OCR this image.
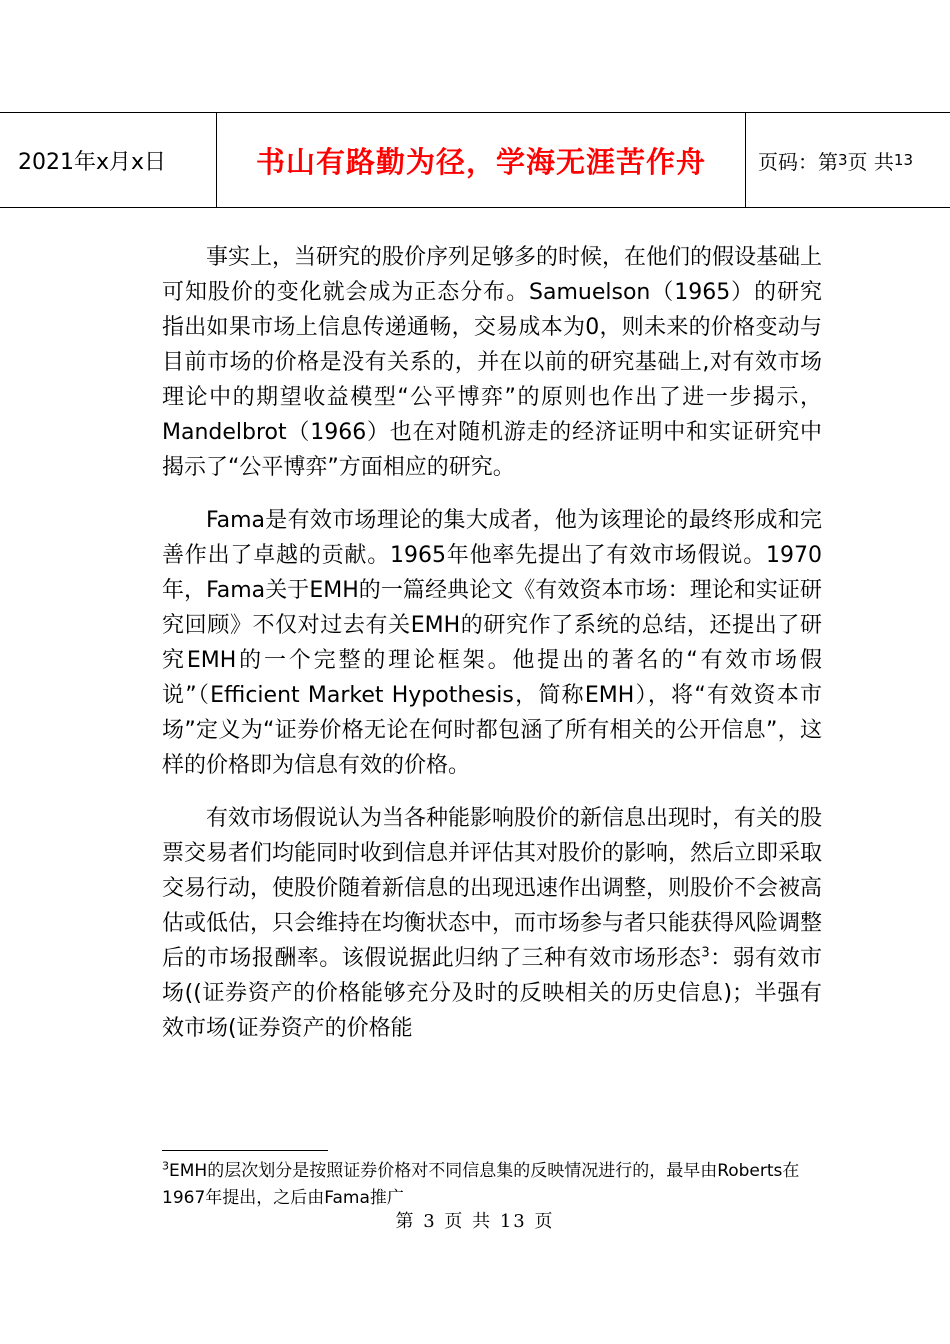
2021年x月x日	书山有路勤为径，学海无涯苦作舟	页码：第 3 页 共 13

事实上，当研究的股价序列足够多的时候，在他们的假设基础上可知股价的变化就会成为正态分布。Samuelson（1965）的研究指出如果市场上信息传递通畅，交易成本为0，则未来的价格变动与目前市场的价格是没有关系的，并在以前的研究基础上,对有效市场理论中的期望收益模型“公平博弈”的原则也作出了进一步揭示，Mandelbrot（1966）也在对随机游走的经济证明中和实证研究中揭示了“公平博弈”方面相应的研究。

Fama是有效市场理论的集大成者，他为该理论的最终形成和完善作出了卓越的贡献。1965年他率先提出了有效市场假说。1970年，Fama关于EMH的一篇经典论文《有效资本市场：理论和实证研究回顾》不仅对过去有关EMH的研究作了系统的总结，还提出了研究EMH的一个完整的理论框架。他提出的著名的“有效市场假说”（Efficient Market Hypothesis，简称EMH），将“有效资本市场”定义为“证券价格无论在何时都包涵了所有相关的公开信息”，这样的价格即为信息有效的价格。

有效市场假说认为当各种能影响股价的新信息出现时，有关的股票交易者们均能同时收到信息并评估其对股价的影响，然后立即采取交易行动，使股价随着新信息的出现迅速作出调整，则股价不会被高估或低估，只会维持在均衡状态中，而市场参与者只能获得风险调整后的市场报酬率。该假说据此归纳了三种有效市场形态$^3$：弱有效市场((证券资产的价格能够充分及时的反映相关的历史信息)；半强有效市场(证券资产的价格能

$^3$EMH的层次划分是按照证券价格对不同信息集的反映情况进行的，最早由Roberts在1967年提出，之后由Fama推广
第 3 页 共 13 页
